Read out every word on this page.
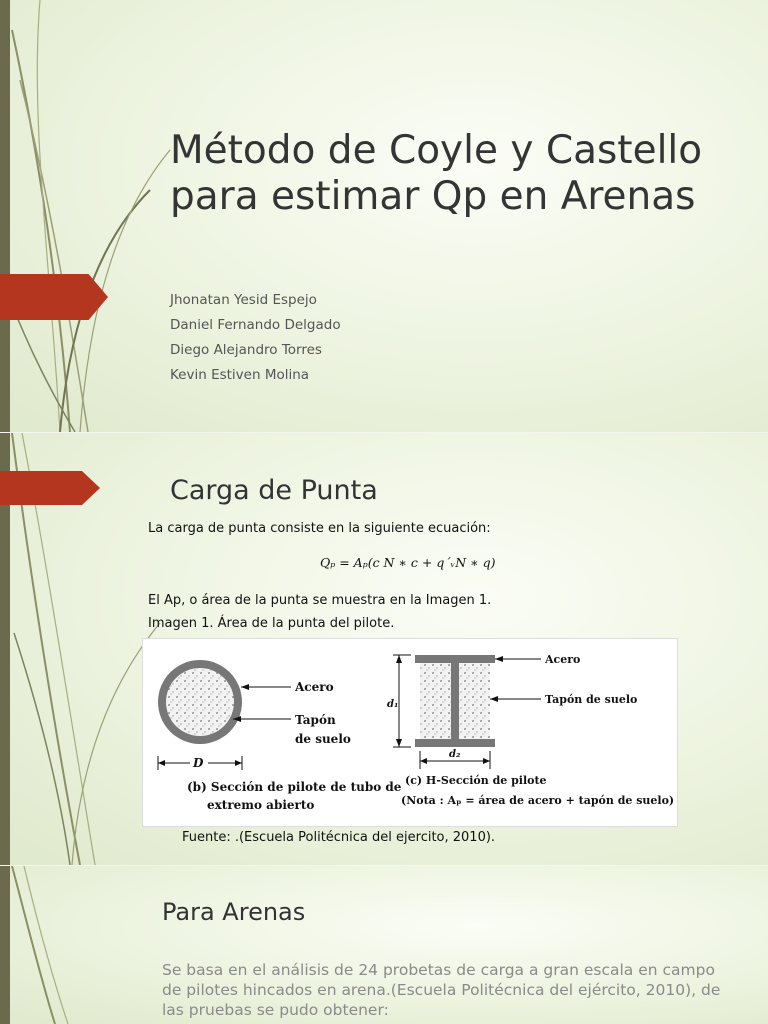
Método de Coyle y Castello para estimar Qp en Arenas
Jhonatan Yesid Espejo
Daniel Fernando Delgado
Diego Alejandro Torres
Kevin Estiven Molina
Carga de Punta
La carga de punta consiste en la siguiente ecuación:
Qₚ = Aₚ(c N ∗ c + q´ᵥN ∗ q)
El Ap, o área de la punta se muestra en la Imagen 1.
Imagen 1. Área de la punta del pilote.
Acero
Tapón
de suelo
D
(b) Sección de pilote de tubo de
extremo abierto
Acero
Tapón de suelo
d₁
d₂
(c) H-Sección de pilote
(Nota : Aₚ = área de acero + tapón de suelo)
Fuente: .(Escuela Politécnica del ejercito, 2010).
Para Arenas
Se basa en el análisis de 24 probetas de carga a gran escala en campo de pilotes hincados en arena.(Escuela Politécnica del ejército, 2010), de las pruebas se pudo obtener:
